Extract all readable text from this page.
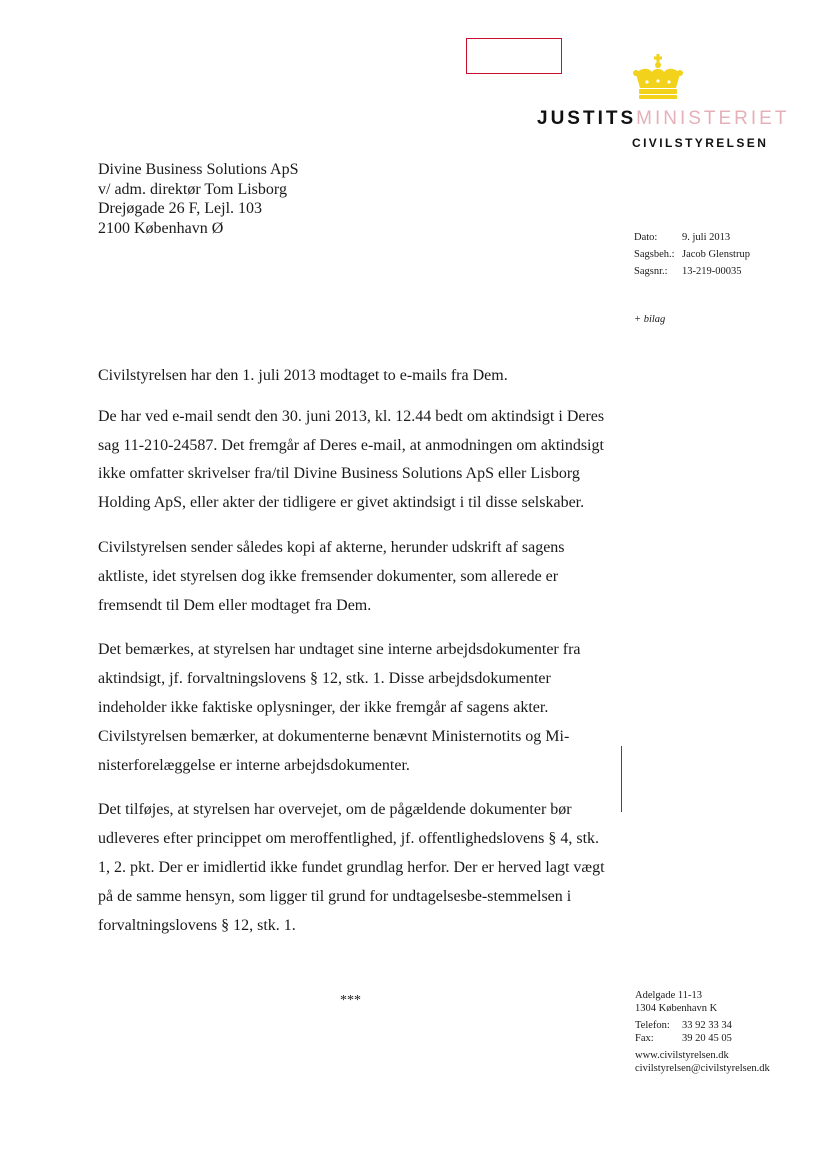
JUSTITSMINISTERIET
CIVILSTYRELSEN
Divine Business Solutions ApS
v/ adm. direktør Tom Lisborg
Drejøgade 26 F, Lejl. 103
2100 København Ø
Dato:	9. juli 2013
Sagsbeh.: Jacob Glenstrup
Sagsnr.:	13-219-00035
+ bilag

Civilstyrelsen har den 1. juli 2013 modtaget to e-mails fra Dem.

De har ved e-mail sendt den 30. juni 2013, kl. 12.44 bedt om aktindsigt i Deres sag 11-210-24587. Det fremgår af Deres e-mail, at anmodningen om aktindsigt ikke omfatter skrivelser fra/til Divine Business Solutions ApS eller Lisborg Holding ApS, eller akter der tidligere er givet aktindsigt i til disse selskaber.

Civilstyrelsen sender således kopi af akterne, herunder udskrift af sagens aktliste, idet styrelsen dog ikke fremsender dokumenter, som allerede er fremsendt til Dem eller modtaget fra Dem.

Det bemærkes, at styrelsen har undtaget sine interne arbejdsdokumenter fra aktindsigt, jf. forvaltningslovens § 12, stk. 1. Disse arbejdsdokumenter indeholder ikke faktiske oplysninger, der ikke fremgår af sagens akter. Civilstyrelsen bemærker, at dokumenterne benævnt Ministernotits og Mi-nisterforelæggelse er interne arbejdsdokumenter.

Det tilføjes, at styrelsen har overvejet, om de pågældende dokumenter bør udleveres efter princippet om meroffentlighed, jf. offentlighedslovens § 4, stk. 1, 2. pkt. Der er imidlertid ikke fundet grundlag herfor. Der er herved lagt vægt på de samme hensyn, som ligger til grund for undtagelsesbe-stemmelsen i forvaltningslovens § 12, stk. 1.

***	Adelgade 11-13
1304 København K
Telefon:	33 92 33 34
Fax:	39 20 45 05
www.civilstyrelsen.dk
civilstyrelsen@civilstyrelsen.dk
